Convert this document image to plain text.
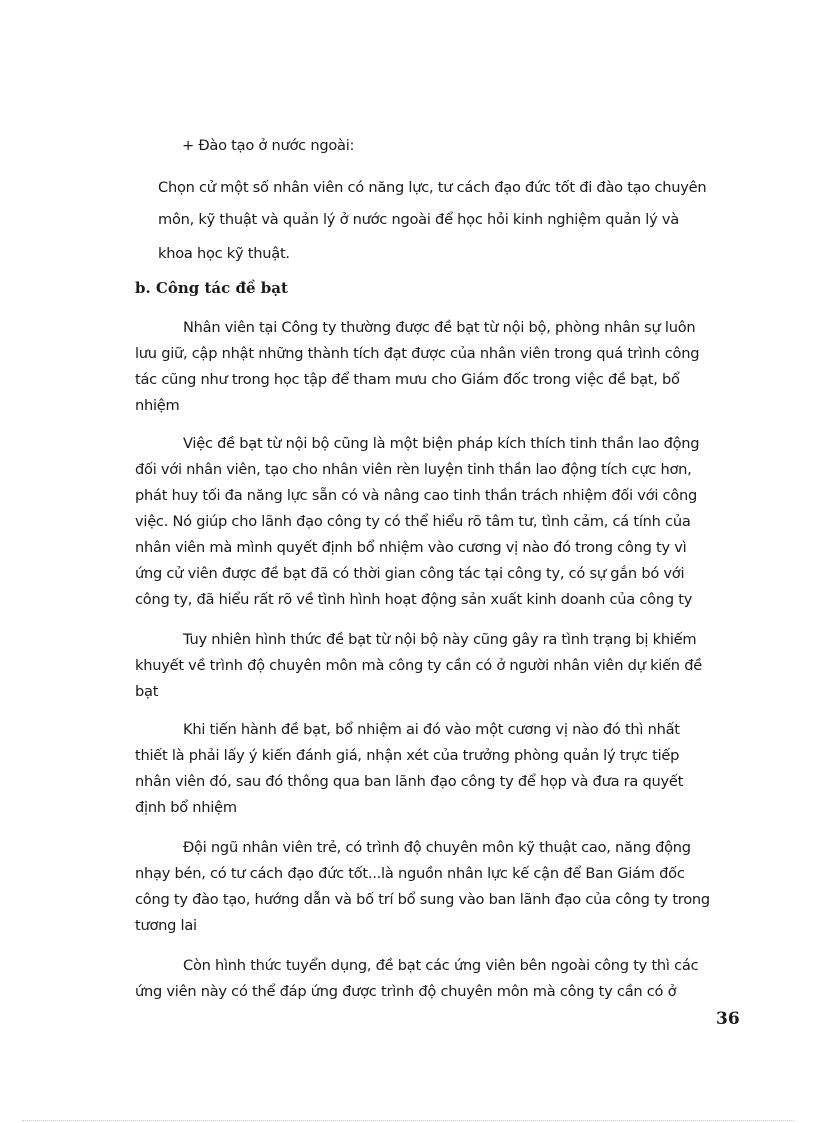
+ Đào tạo ở nước ngoài:

Chọn cử một số nhân viên có năng lực, tư cách đạo đức tốt đi đào tạo chuyên

môn, kỹ thuật và quản lý ở nước ngoài để học hỏi kinh nghiệm quản lý và

khoa học kỹ thuật.

b. Công tác đề bạt

Nhân viên tại Công ty thường được đề bạt từ nội bộ, phòng nhân sự luôn

lưu giữ, cập nhật những thành tích đạt được của nhân viên trong quá trình công

tác cũng như trong học tập để tham mưu cho Giám đốc trong việc đề bạt, bổ

nhiệm

Việc đề bạt từ nội bộ cũng là một biện pháp kích thích tinh thần lao động

đối với nhân viên, tạo cho nhân viên rèn luyện tinh thần lao động tích cực hơn,

phát huy tối đa năng lực sẵn có và nâng cao tinh thần trách nhiệm đối với công

việc. Nó giúp cho lãnh đạo công ty có thể hiểu rõ tâm tư, tình cảm, cá tính của

nhân viên mà mình quyết định bổ nhiệm vào cương vị nào đó trong công ty vì

ứng cử viên được đề bạt đã có thời gian công tác tại công ty, có sự gắn bó với

công ty, đã hiểu rất rõ về tình hình hoạt động sản xuất kinh doanh của công ty

Tuy nhiên hình thức đề bạt từ nội bộ này cũng gây ra tình trạng bị khiếm

khuyết về trình độ chuyên môn mà công ty cần có ở người nhân viên dự kiến đề

bạt

Khi tiến hành đề bạt, bổ nhiệm ai đó vào một cương vị nào đó thì nhất

thiết là phải lấy ý kiến đánh giá, nhận xét của trưởng phòng quản lý trực tiếp

nhân viên đó, sau đó thông qua ban lãnh đạo công ty để họp và đưa ra quyết

định bổ nhiệm

Đội ngũ nhân viên trẻ, có trình độ chuyên môn kỹ thuật cao, năng động

nhạy bén, có tư cách đạo đức tốt...là nguồn nhân lực kế cận để Ban Giám đốc

công ty đào tạo, hướng dẫn và bố trí bổ sung vào ban lãnh đạo của công ty trong

tương lai

Còn hình thức tuyển dụng, đề bạt các ứng viên bên ngoài công ty thì các

ứng viên này có thể đáp ứng được trình độ chuyên môn mà công ty cần có ở

36
